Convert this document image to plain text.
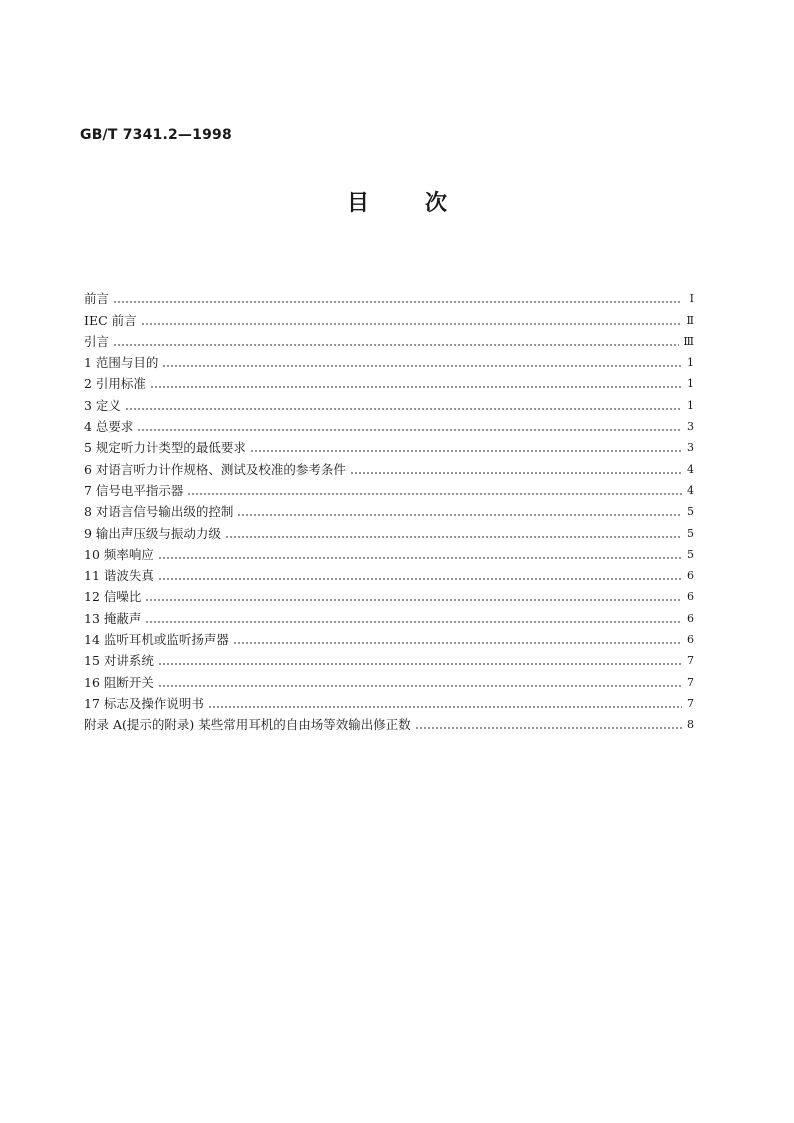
GB/T 7341.2—1998
目	次
前言	Ⅰ
IEC 前言	Ⅱ
引言	Ⅲ
1 范围与目的	1
2 引用标准	1
3 定义	1
4 总要求	3
5 规定听力计类型的最低要求	3
6 对语言听力计作规格、测试及校准的参考条件	4
7 信号电平指示器	4
8 对语言信号输出级的控制	5
9 输出声压级与振动力级	5
10 频率响应	5
11 谐波失真	6
12 信噪比	6
13 掩蔽声	6
14 监听耳机或监听扬声器	6
15 对讲系统	7
16 阻断开关	7
17 标志及操作说明书	7
附录 A(提示的附录) 某些常用耳机的自由场等效输出修正数	8
